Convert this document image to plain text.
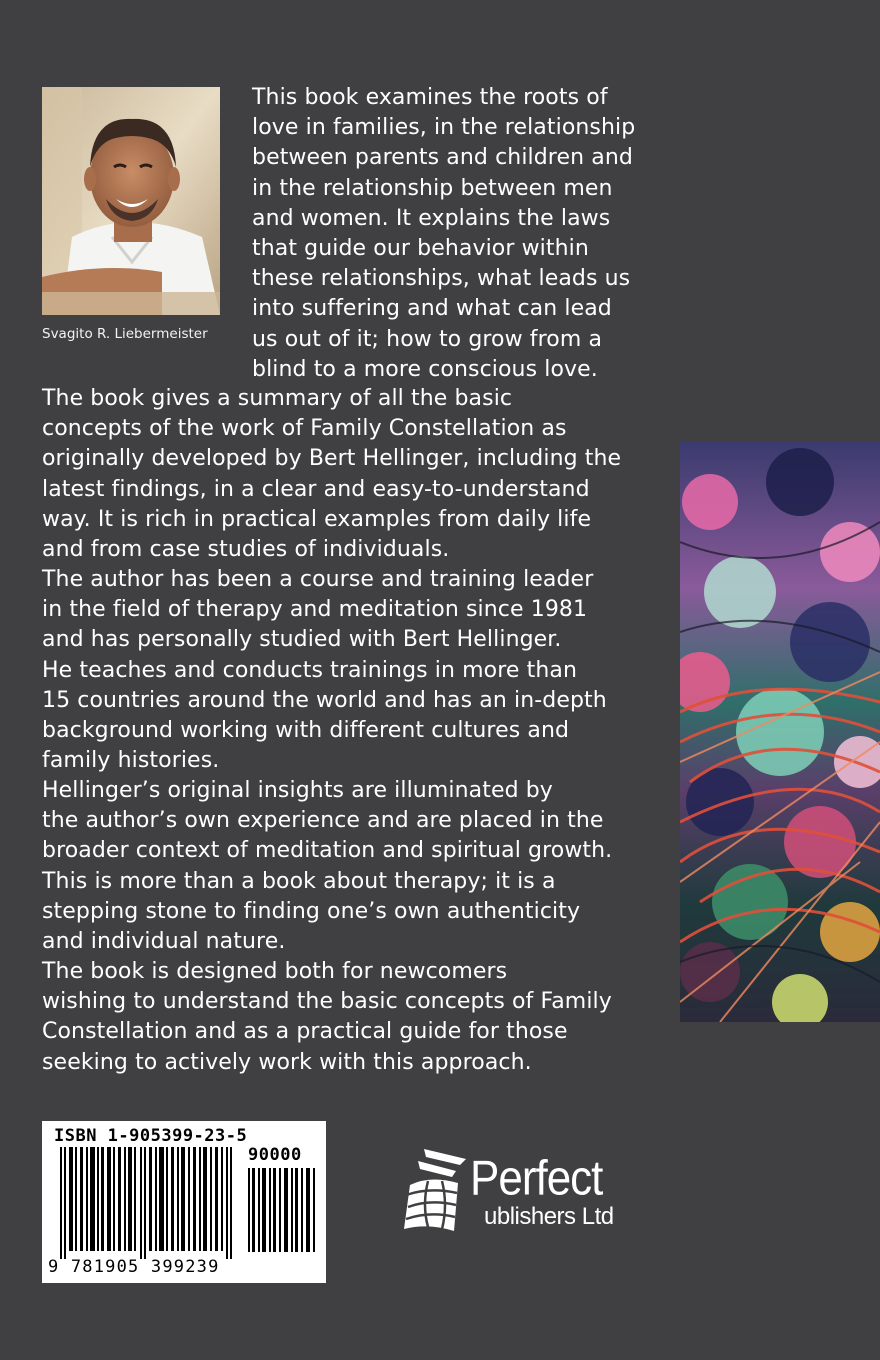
Svagito R. Liebermeister

This book examines the roots of
love in families, in the relationship
between parents and children and
in the relationship between men
and women. It explains the laws
that guide our behavior within
these relationships, what leads us
into suffering and what can lead
us out of it; how to grow from a
blind to a more conscious love.

The book gives a summary of all the basic
concepts of the work of Family Constellation as
originally developed by Bert Hellinger, including the
latest findings, in a clear and easy-to-understand
way. It is rich in practical examples from daily life
and from case studies of individuals.

The author has been a course and training leader
in the field of therapy and meditation since 1981
and has personally studied with Bert Hellinger.
He teaches and conducts trainings in more than
15 countries around the world and has an in-depth
background working with different cultures and
family histories.

Hellinger’s original insights are illuminated by
the author’s own experience and are placed in the
broader context of meditation and spiritual growth.
This is more than a book about therapy; it is a
stepping stone to finding one’s own authenticity
and individual nature.

The book is designed both for newcomers
wishing to understand the basic concepts of Family
Constellation and as a practical guide for those
seeking to actively work with this approach.

ISBN 1-905399-23-5
90000
9 781905 399239
Perfect
ublishers Ltd
